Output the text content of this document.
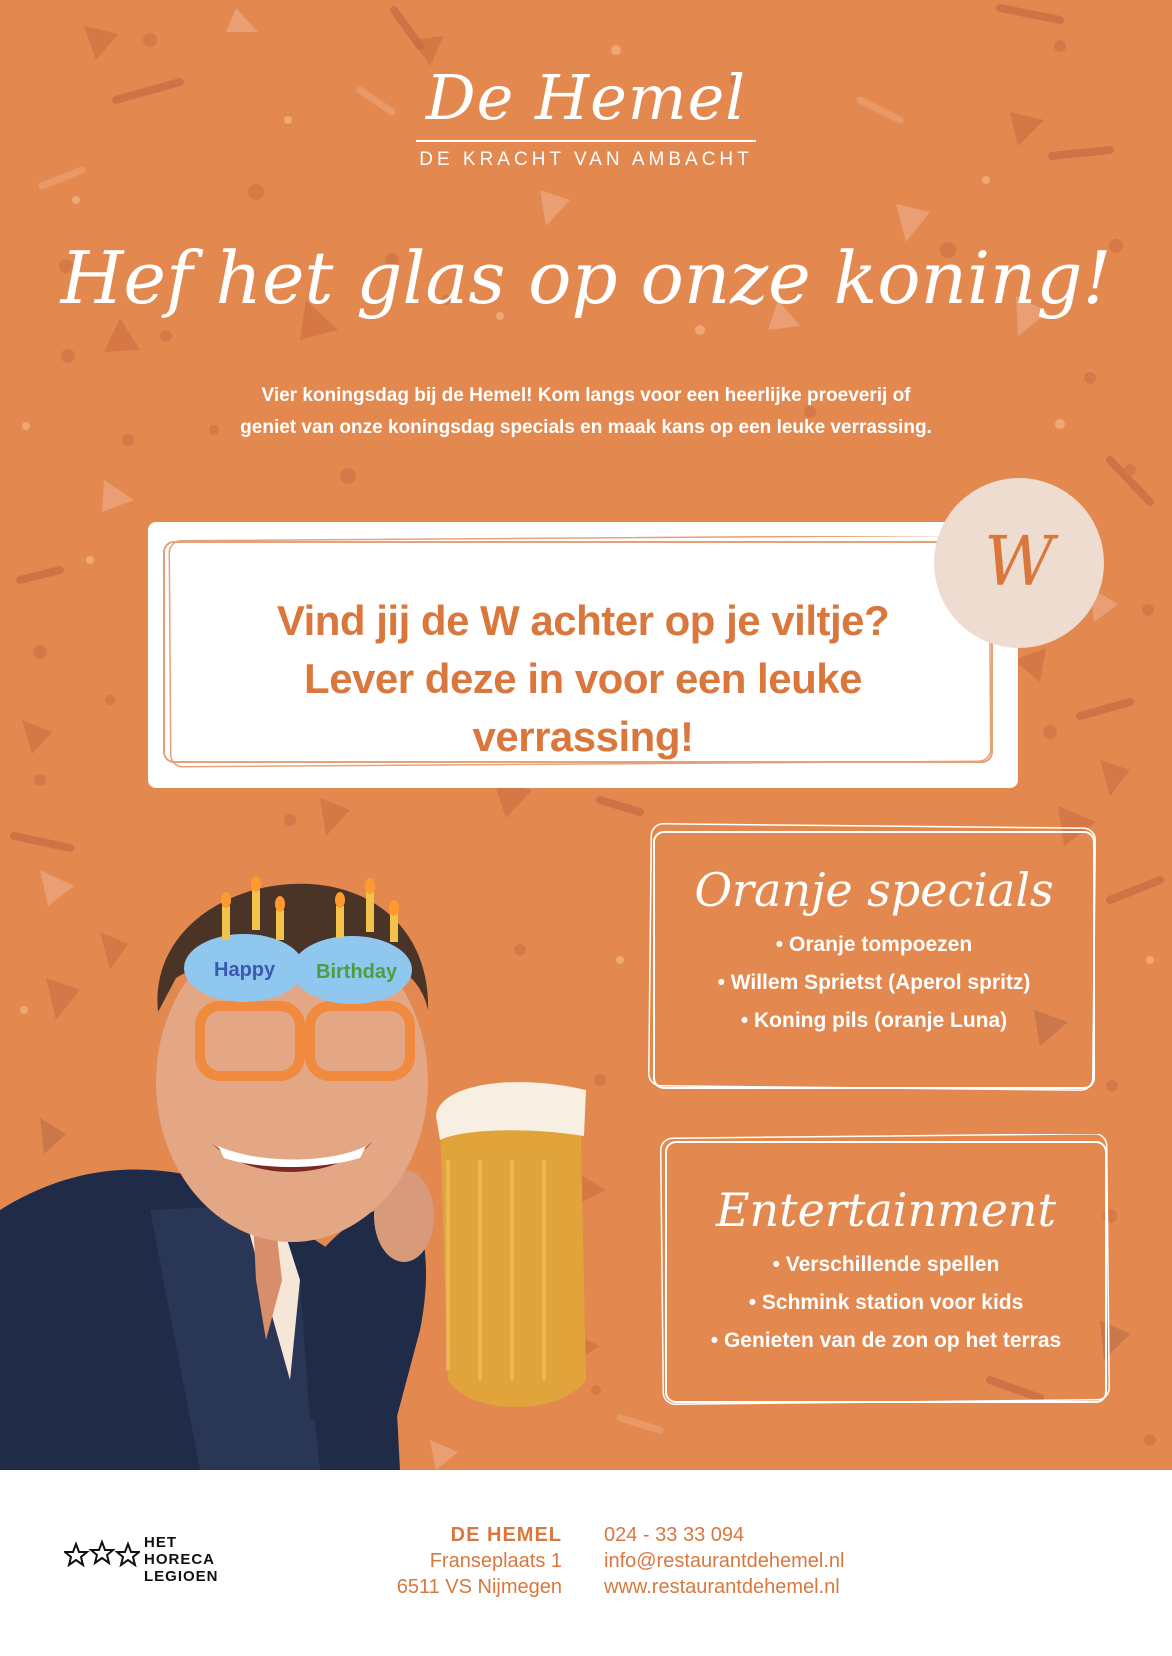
De Hemel
DE KRACHT VAN AMBACHT
Hef het glas op onze koning!
Vier koningsdag bij de Hemel! Kom langs voor een heerlijke proeverij of
geniet van onze koningsdag specials en maak kans op een leuke verrassing.
Vind jij de W achter op je viltje?
Lever deze in voor een leuke verrassing!
W
Oranje specials
• Oranje tompoezen
• Willem Sprietst (Aperol spritz)
• Koning pils (oranje Luna)
Entertainment
• Verschillende spellen
• Schmink station voor kids
• Genieten van de zon op het terras
Happy Birthday
HET
HORECA
LEGIOEN
DE HEMEL
Franseplaats 1
6511 VS Nijmegen
024 - 33 33 094
info@restaurantdehemel.nl
www.restaurantdehemel.nl
